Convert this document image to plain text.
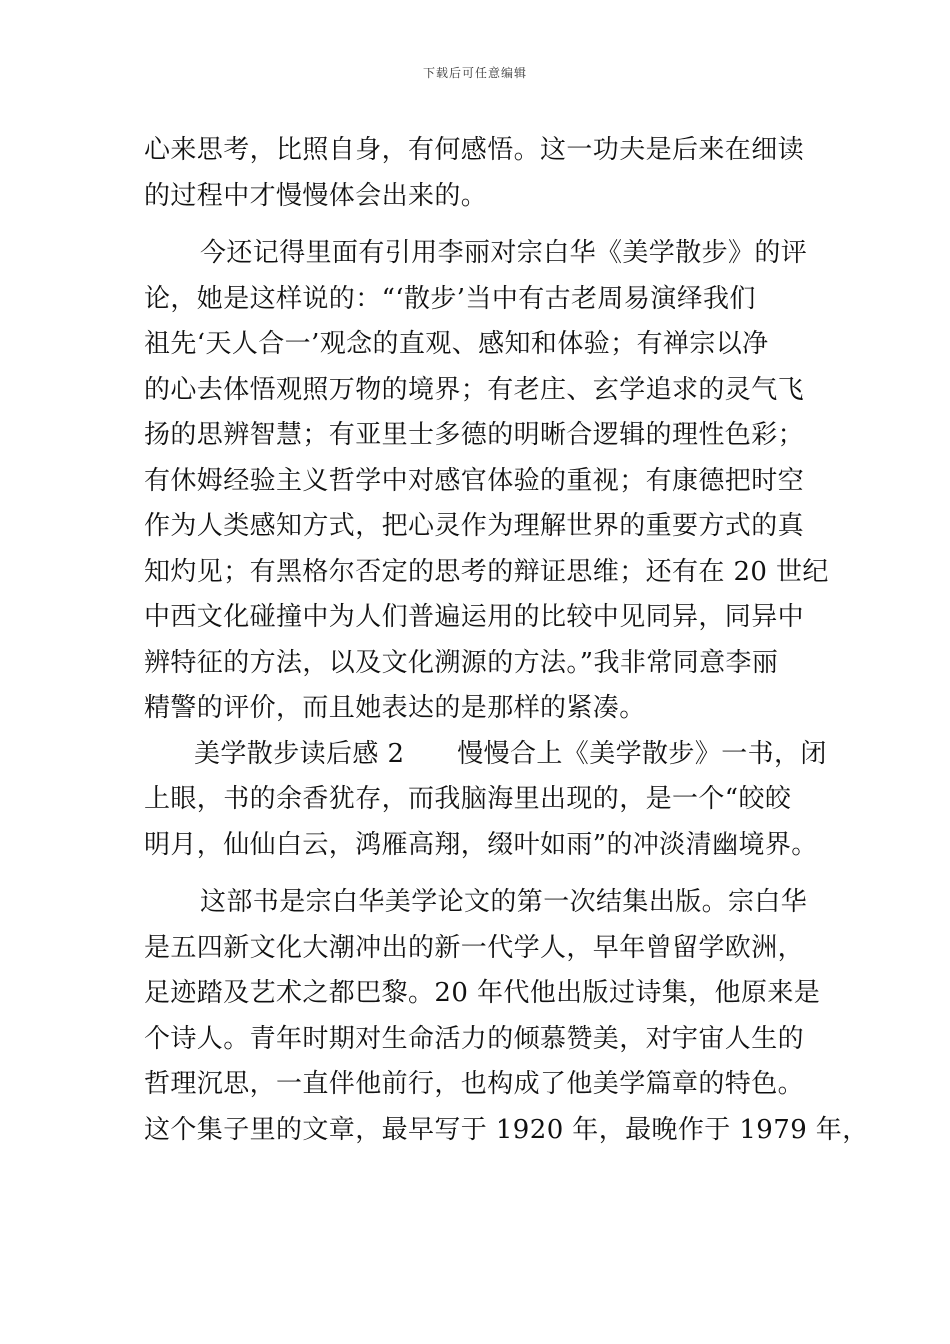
下载后可任意编辑
心来思考，比照自身，有何感悟。这一功夫是后来在细读
的过程中才慢慢体会出来的。
今还记得里面有引用李丽对宗白华《美学散步》的评
论，她是这样说的：“‘散步’当中有古老周易演绎我们
祖先‘天人合一’观念的直观、感知和体验；有禅宗以净
的心去体悟观照万物的境界；有老庄、玄学追求的灵气飞
扬的思辨智慧；有亚里士多德的明晰合逻辑的理性色彩；
有休姆经验主义哲学中对感官体验的重视；有康德把时空
作为人类感知方式，把心灵作为理解世界的重要方式的真
知灼见；有黑格尔否定的思考的辩证思维；还有在 20 世纪
中西文化碰撞中为人们普遍运用的比较中见同异，同异中
辨特征的方法，以及文化溯源的方法。”我非常同意李丽
精警的评价，而且她表达的是那样的紧凑。
美学散步读后感 2　　慢慢合上《美学散步》一书，闭
上眼，书的余香犹存，而我脑海里出现的，是一个“皎皎
明月，仙仙白云，鸿雁高翔，缀叶如雨”的冲淡清幽境界。
这部书是宗白华美学论文的第一次结集出版。宗白华
是五四新文化大潮冲出的新一代学人，早年曾留学欧洲，
足迹踏及艺术之都巴黎。20 年代他出版过诗集，他原来是
个诗人。青年时期对生命活力的倾慕赞美，对宇宙人生的
哲理沉思，一直伴他前行，也构成了他美学篇章的特色。
这个集子里的文章，最早写于 1920 年，最晚作于 1979 年，
